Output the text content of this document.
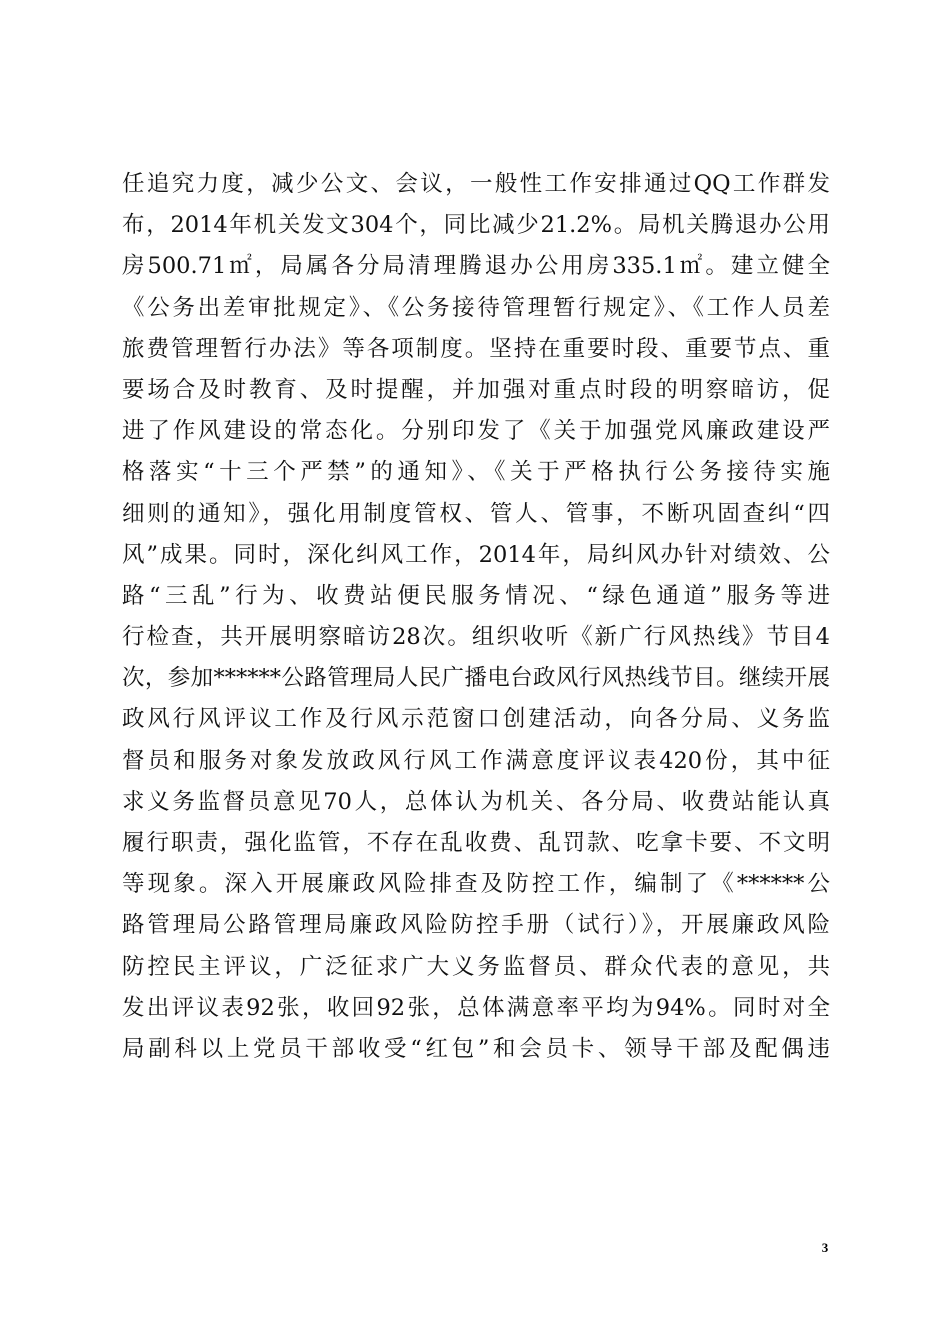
任追究力度，减少公文、会议，一般性工作安排通过QQ工作群发
布，2014年机关发文304个，同比减少21.2%。局机关腾退办公用
房500.71㎡，局属各分局清理腾退办公用房335.1㎡。建立健全
《公务出差审批规定》、《公务接待管理暂行规定》、《工作人员差
旅费管理暂行办法》等各项制度。坚持在重要时段、重要节点、重
要场合及时教育、及时提醒，并加强对重点时段的明察暗访，促
进了作风建设的常态化。分别印发了《关于加强党风廉政建设严
格落实“十三个严禁”的通知》、《关于严格执行公务接待实施
细则的通知》，强化用制度管权、管人、管事，不断巩固查纠“四
风”成果。同时，深化纠风工作，2014年，局纠风办针对绩效、公
路“三乱”行为、收费站便民服务情况、“绿色通道”服务等进
行检查，共开展明察暗访28次。组织收听《新广行风热线》节目4
次，参加******公路管理局人民广播电台政风行风热线节目。继续开展
政风行风评议工作及行风示范窗口创建活动，向各分局、义务监
督员和服务对象发放政风行风工作满意度评议表420份，其中征
求义务监督员意见70人，总体认为机关、各分局、收费站能认真
履行职责，强化监管，不存在乱收费、乱罚款、吃拿卡要、不文明
等现象。深入开展廉政风险排查及防控工作，编制了《******公
路管理局公路管理局廉政风险防控手册（试行）》，开展廉政风险
防控民主评议，广泛征求广大义务监督员、群众代表的意见，共
发出评议表92张，收回92张，总体满意率平均为94%。同时对全
局副科以上党员干部收受“红包”和会员卡、领导干部及配偶违
3
